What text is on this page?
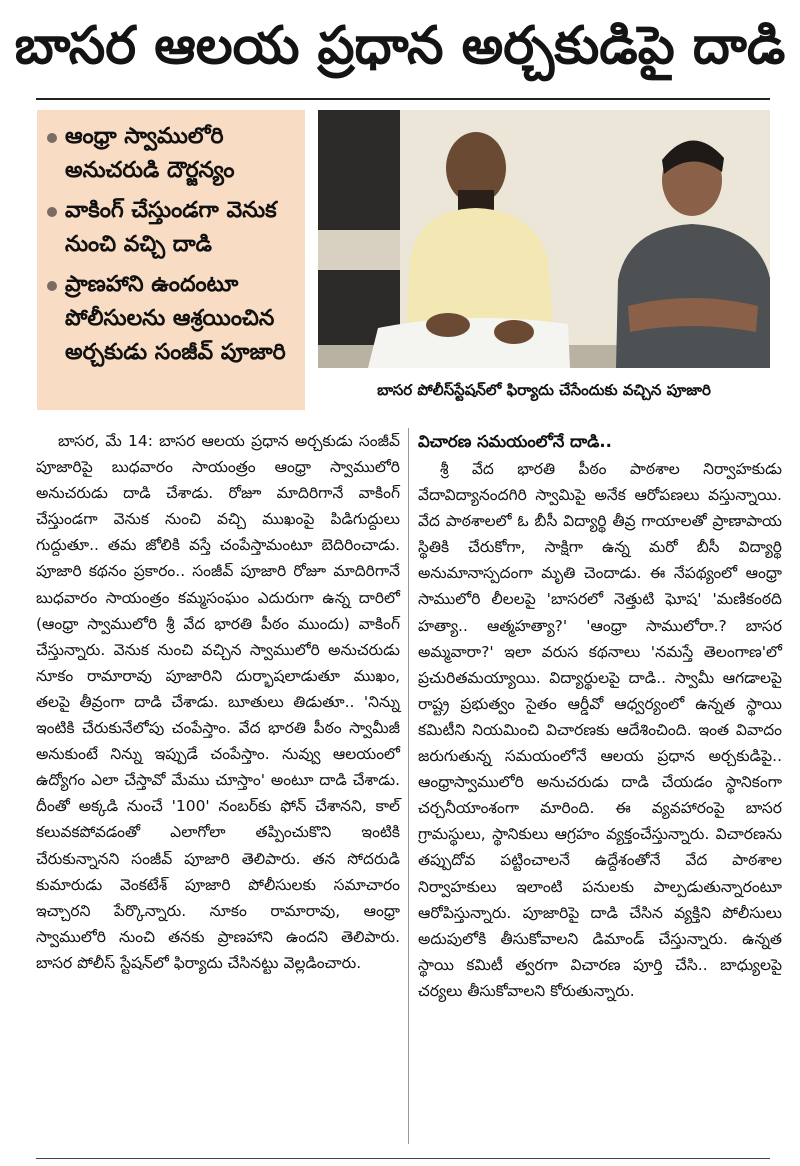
బాసర ఆలయ ప్రధాన అర్చకుడిపై దాడి
ఆంధ్రా స్వాములోరి అనుచరుడి దౌర్జన్యం
వాకింగ్ చేస్తుండగా వెనుక నుంచి వచ్చి దాడి
ప్రాణహాని ఉందంటూ పోలీసులను ఆశ్రయించిన అర్చకుడు సంజీవ్ పూజారి
బాసర పోలీస్‌స్టేషన్‌లో ఫిర్యాదు చేసేందుకు వచ్చిన పూజారి

బాసర, మే 14: బాసర ఆలయ ప్రధాన అర్చకుడు సంజీవ్ పూజారిపై బుధవారం సాయంత్రం ఆంధ్రా స్వాములోరి అనుచరుడు దాడి చేశాడు. రోజూ మాదిరిగానే వాకింగ్ చేస్తుండగా వెనుక నుంచి వచ్చి ముఖంపై పిడిగుద్దులు గుద్దుతూ.. తమ జోలికి వస్తే చంపేస్తామంటూ బెదిరించాడు. పూజారి కథనం ప్రకారం.. సంజీవ్ పూజారి రోజూ మాదిరిగానే బుధవారం సాయంత్రం కమ్మసంఘం ఎదురుగా ఉన్న దారిలో (ఆంధ్రా స్వాములోరి శ్రీ వేద భారతి పీఠం ముందు) వాకింగ్ చేస్తున్నారు. వెనుక నుంచి వచ్చిన స్వాములోరి అనుచరుడు నూకం రామారావు పూజారిని దుర్భాషలాడుతూ ముఖం, తలపై తీవ్రంగా దాడి చేశాడు. బూతులు తిడుతూ.. 'నిన్ను ఇంటికి చేరుకునేలోపు చంపేస్తాం. వేద భారతి పీఠం స్వామీజీ అనుకుంటే నిన్ను ఇప్పుడే చంపేస్తాం. నువ్వు ఆలయంలో ఉద్యోగం ఎలా చేస్తావో మేము చూస్తాం' అంటూ దాడి చేశాడు. దీంతో అక్కడి నుంచే '100' నంబర్‌కు ఫోన్ చేశానని, కాల్ కలువకపోవడంతో ఎలాగోలా తప్పించుకొని ఇంటికి చేరుకున్నానని సంజీవ్ పూజారి తెలిపారు. తన సోదరుడి కుమారుడు వెంకటేశ్ పూజారి పోలీసులకు సమాచారం ఇచ్చారని పేర్కొన్నారు. నూకం రామారావు, ఆంధ్రా స్వాములోరి నుంచి తనకు ప్రాణహాని ఉందని తెలిపారు. బాసర పోలీస్ స్టేషన్‌లో ఫిర్యాదు చేసినట్టు వెల్లడించారు.

విచారణ సమయంలోనే దాడి..

శ్రీ వేద భారతి పీఠం పాఠశాల నిర్వాహకుడు వేదావిద్యానందగిరి స్వామిపై అనేక ఆరోపణలు వస్తున్నాయి. వేద పాఠశాలలో ఓ బీసీ విద్యార్థి తీవ్ర గాయాలతో ప్రాణాపాయ స్థితికి చేరుకోగా, సాక్షిగా ఉన్న మరో బీసీ విద్యార్థి అనుమానాస్పదంగా మృతి చెందాడు. ఈ నేపథ్యంలో ఆంధ్రా సాములోరి లీలలపై 'బాసరలో నెత్తుటి ఘోష' 'మణికంఠది హత్యా.. ఆత్మహత్యా?' 'ఆంధ్రా సాములోరా.? బాసర అమ్మవారా?' ఇలా వరుస కథనాలు 'నమస్తే తెలంగాణ'లో ప్రచురితమయ్యాయి. విద్యార్థులపై దాడి.. స్వామీ ఆగడాలపై రాష్ట్ర ప్రభుత్వం సైతం ఆర్డీవో ఆధ్వర్యంలో ఉన్నత స్థాయి కమిటీని నియమించి విచారణకు ఆదేశించింది. ఇంత వివాదం జరుగుతున్న సమయంలోనే ఆలయ ప్రధాన అర్చకుడిపై.. ఆంధ్రాస్వాములోరి అనుచరుడు దాడి చేయడం స్థానికంగా చర్చనీయాంశంగా మారింది. ఈ వ్యవహారంపై బాసర గ్రామస్థులు, స్థానికులు ఆగ్రహం వ్యక్తంచేస్తున్నారు. విచారణను తప్పుదోవ పట్టించాలనే ఉద్దేశంతోనే వేద పాఠశాల నిర్వాహకులు ఇలాంటి పనులకు పాల్పడుతున్నారంటూ ఆరోపిస్తున్నారు. పూజారిపై దాడి చేసిన వ్యక్తిని పోలీసులు అదుపులోకి తీసుకోవాలని డిమాండ్ చేస్తున్నారు. ఉన్నత స్థాయి కమిటీ త్వరగా విచారణ పూర్తి చేసి.. బాధ్యులపై చర్యలు తీసుకోవాలని కోరుతున్నారు.
